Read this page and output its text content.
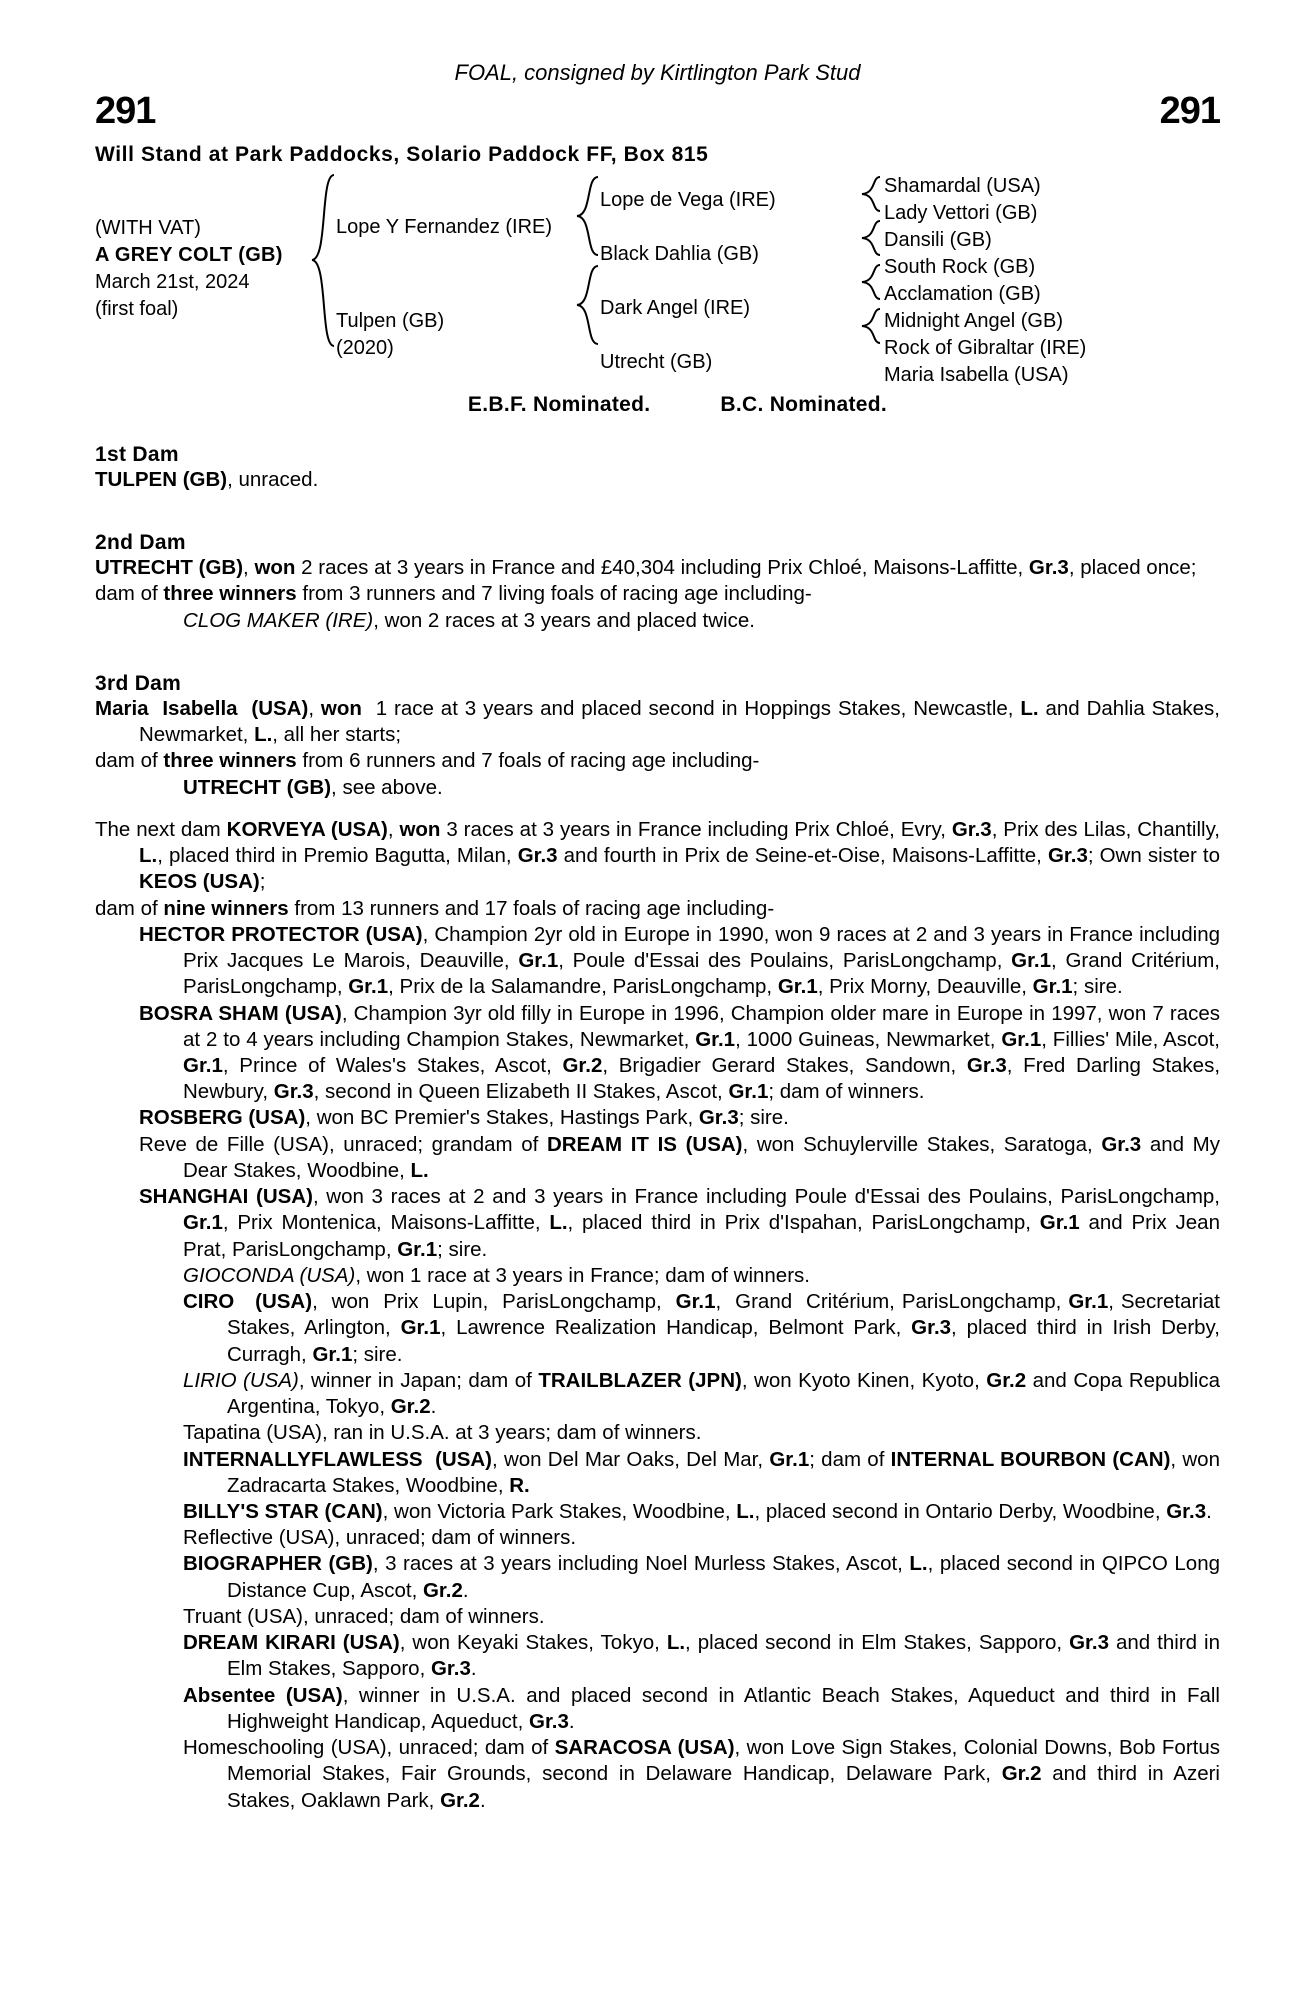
FOAL, consigned by Kirtlington Park Stud
291	291
Will Stand at Park Paddocks, Solario Paddock FF, Box 815
(WITH VAT)
A GREY COLT (GB)
March 21st, 2024
(first foal)
Lope Y Fernandez (IRE)
Tulpen (GB)
(2020)
Lope de Vega (IRE)
Black Dahlia (GB)
Dark Angel (IRE)
Utrecht (GB)
Shamardal (USA)
Lady Vettori (GB)
Dansili (GB)
South Rock (GB)
Acclamation (GB)
Midnight Angel (GB)
Rock of Gibraltar (IRE)
Maria Isabella (USA)
E.B.F. Nominated.	B.C. Nominated.
1st Dam

TULPEN (GB), unraced.

2nd Dam

UTRECHT (GB), won 2 races at 3 years in France and £40,304 including Prix Chloé, Maisons-Laffitte, Gr.3, placed once;

dam of three winners from 3 runners and 7 living foals of racing age including-

CLOG MAKER (IRE), won 2 races at 3 years and placed twice.

3rd Dam

Maria  Isabella  (USA), won  1 race at 3 years and placed second in Hoppings Stakes, Newcastle, L. and Dahlia Stakes, Newmarket, L., all her starts;

dam of three winners from 6 runners and 7 foals of racing age including-

UTRECHT (GB), see above.

The next dam KORVEYA (USA), won 3 races at 3 years in France including Prix Chloé, Evry, Gr.3, Prix des Lilas, Chantilly, L., placed third in Premio Bagutta, Milan, Gr.3 and fourth in Prix de Seine-et-Oise, Maisons-Laffitte, Gr.3; Own sister to KEOS (USA);

dam of nine winners from 13 runners and 17 foals of racing age including-

HECTOR PROTECTOR (USA), Champion 2yr old in Europe in 1990, won 9 races at 2 and 3 years in France including Prix Jacques Le Marois, Deauville, Gr.1, Poule d'Essai des Poulains, ParisLongchamp, Gr.1, Grand Critérium, ParisLongchamp, Gr.1, Prix de la Salamandre, ParisLongchamp, Gr.1, Prix Morny, Deauville, Gr.1; sire.

BOSRA SHAM (USA), Champion 3yr old filly in Europe in 1996, Champion older mare in Europe in 1997, won 7 races at 2 to 4 years including Champion Stakes, Newmarket, Gr.1, 1000 Guineas, Newmarket, Gr.1, Fillies' Mile, Ascot, Gr.1, Prince of Wales's Stakes, Ascot, Gr.2, Brigadier Gerard Stakes, Sandown, Gr.3, Fred Darling Stakes, Newbury, Gr.3, second in Queen Elizabeth II Stakes, Ascot, Gr.1; dam of winners.

ROSBERG (USA), won BC Premier's Stakes, Hastings Park, Gr.3; sire.

Reve de Fille (USA), unraced; grandam of DREAM IT IS (USA), won Schuylerville Stakes, Saratoga, Gr.3 and My Dear Stakes, Woodbine, L.

SHANGHAI (USA), won 3 races at 2 and 3 years in France including Poule d'Essai des Poulains, ParisLongchamp, Gr.1, Prix Montenica, Maisons-Laffitte, L., placed third in Prix d'Ispahan, ParisLongchamp, Gr.1 and Prix Jean Prat, ParisLongchamp, Gr.1; sire.

GIOCONDA (USA), won 1 race at 3 years in France; dam of winners.

CIRO   (USA),  won  Prix  Lupin,  ParisLongchamp,  Gr.1,  Grand  Critérium, ParisLongchamp, Gr.1, Secretariat Stakes, Arlington, Gr.1, Lawrence Realization Handicap, Belmont Park, Gr.3, placed third in Irish Derby, Curragh, Gr.1; sire.

LIRIO (USA), winner in Japan; dam of TRAILBLAZER (JPN), won Kyoto Kinen, Kyoto, Gr.2 and Copa Republica Argentina, Tokyo, Gr.2.

Tapatina (USA), ran in U.S.A. at 3 years; dam of winners.

INTERNALLYFLAWLESS  (USA), won Del Mar Oaks, Del Mar, Gr.1; dam of INTERNAL BOURBON (CAN), won Zadracarta Stakes, Woodbine, R.

BILLY'S STAR (CAN), won Victoria Park Stakes, Woodbine, L., placed second in Ontario Derby, Woodbine, Gr.3.

Reflective (USA), unraced; dam of winners.

BIOGRAPHER (GB), 3 races at 3 years including Noel Murless Stakes, Ascot, L., placed second in QIPCO Long Distance Cup, Ascot, Gr.2.

Truant (USA), unraced; dam of winners.

DREAM KIRARI (USA), won Keyaki Stakes, Tokyo, L., placed second in Elm Stakes, Sapporo, Gr.3 and third in Elm Stakes, Sapporo, Gr.3.

Absentee (USA), winner in U.S.A. and placed second in Atlantic Beach Stakes, Aqueduct and third in Fall Highweight Handicap, Aqueduct, Gr.3.

Homeschooling (USA), unraced; dam of SARACOSA (USA), won Love Sign Stakes, Colonial Downs, Bob Fortus Memorial Stakes, Fair Grounds, second in Delaware Handicap, Delaware Park, Gr.2 and third in Azeri Stakes, Oaklawn Park, Gr.2.
